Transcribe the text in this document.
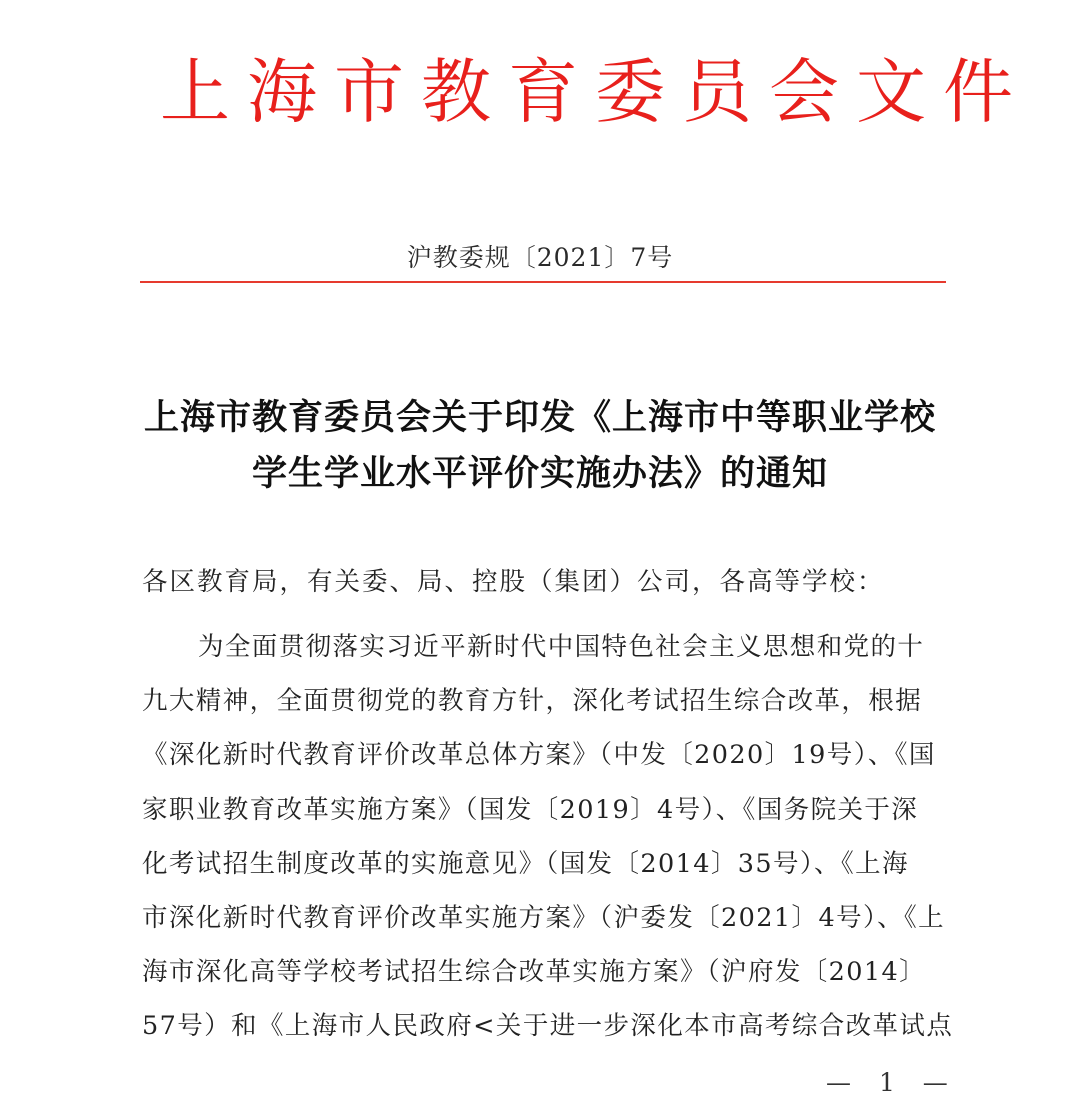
上海市教育委员会文件
沪教委规〔2021〕7号
上海市教育委员会关于印发《上海市中等职业学校
学生学业水平评价实施办法》的通知
各区教育局，有关委、局、控股（集团）公司，各高等学校：
为全面贯彻落实习近平新时代中国特色社会主义思想和党的十
九大精神，全面贯彻党的教育方针，深化考试招生综合改革，根据
《深化新时代教育评价改革总体方案》（中发〔2020〕19号）、《国
家职业教育改革实施方案》（国发〔2019〕4号）、《国务院关于深
化考试招生制度改革的实施意见》（国发〔2014〕35号）、《上海
市深化新时代教育评价改革实施方案》（沪委发〔2021〕4号）、《上
海市深化高等学校考试招生综合改革实施方案》（沪府发〔2014〕
57号）和《上海市人民政府<关于进一步深化本市高考综合改革试点
— 1 —
